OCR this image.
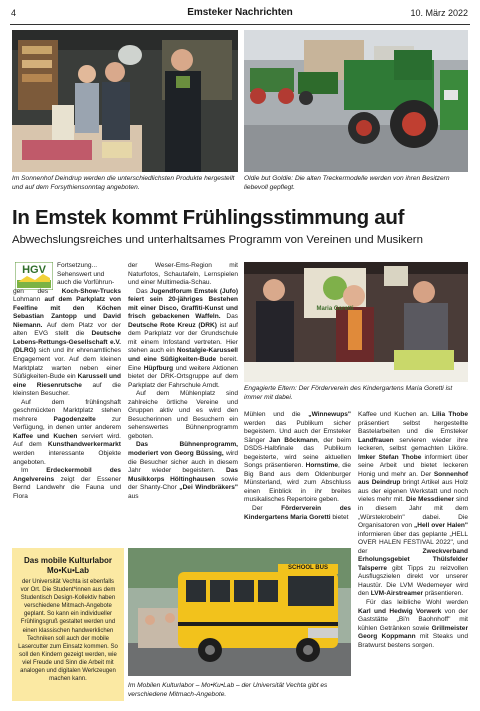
4	Emsteker Nachrichten	10. März 2022
Im Sonnenhof Deindrup werden die unterschiedlichsten Produkte hergestellt und auf dem Forsythiensonntag angeboten.
Oldie but Goldie: Die alten Treckermodelle werden von ihren Besitzern liebevoll gepflegt.
In Emstek kommt Frühlingsstimmung auf
Abwechslungsreiches und unterhaltsames Programm von Vereinen und Musikern
HGV	Fortsetzung...

Sehenswert und

auch die Vorführun-

gen des Koch-Show-Trucks Lohmann auf dem Parkplatz von Feelfine mit den Köchen Sebastian Zantopp und David Niemann. Auf dem Platz vor der alten EVG stellt die Deutsche Lebens-Rettungs-Gesellschaft e.V. (DLRG) sich und ihr ehrenamtliches Engagement vor. Auf dem kleinen Marktplatz warten neben einer Süßigkeiten-Bude ein Karussell und eine Riesenrutsche auf die kleinsten Besucher.

Auf dem frühlingshaft geschmückten Marktplatz stehen mehrere Pagodenzelte zur Verfügung, in denen unter anderem Kaffee und Kuchen serviert wird. Auf dem Kunsthandwerkermarkt werden interessante Objekte angeboten.

Im Erdeckermobil des Angelvereins zeigt der Essener Bernd Landwehr die Fauna und Flora

Das mobile Kulturlabor
Mo•Ku•Lab
der Universität Vechta ist ebenfalls vor Ort. Die Student*innen aus dem Studentisch Design-Kollektiv haben verschiedene Mitmach-Angebote geplant. So kann ein individueller Frühlingsgruß gestaltet werden und einen klassischen handwerklichen Techniken soll auch der mobile Lasercutter zum Einsatz kommen. So soll den Kindern gezeigt werden, wie viel Freude und Sinn die Arbeit mit analogen und digitalen Werkzeugen machen kann.

der Weser-Ems-Region mit Naturfotos, Schautafeln, Lernspielen und einer Multimedia-Schau.

Das Jugendforum Emstek (Jufo) feiert sein 20-jähriges Bestehen mit einer Disco, Graffiti-Kunst und frisch gebackenen Waffeln. Das Deutsche Rote Kreuz (DRK) ist auf dem Parkplatz vor der Grundschule mit einem Infostand vertreten. Hier stehen auch ein Nostalgie-Karussell und eine Süßigkeiten-Bude bereit. Eine Hüpfburg und weitere Aktionen bietet der DRK-Ortsgruppe auf dem Parkplatz der Fahrschule Arndt.

Auf dem Mühlenplatz sind zahlreiche örtliche Vereine und Gruppen aktiv und es wird den Besucherinnen und Besuchern ein sehenswertes Bühnenprogramm geboten.

Das Bühnenprogramm, moderiert von Georg Büssing, wird die Besucher sicher auch in diesem Jahr wieder begeistern. Das Musikkorps Höltinghausen sowie der Shanty-Chor „Dei Windbräkers" aus

Maria Goretti
Engagierte Eltern: Der Förderverein des Kindergartens Maria Goretti ist immer mit dabei.

Mühlen und die „Winnewups" werden das Publikum sicher begeistern. Und auch der Emsteker Sänger Jan Böckmann, der beim DSDS-Halbfinale das Publikum begeisterte, wird seine aktuellen Songs präsentieren. Hornstime, die Big Band aus dem Oldenburger Münsterland, wird zum Abschluss einen Einblick in ihr breites musikalisches Repertoire geben.

Der Förderverein des Kindergartens Maria Goretti bietet

Kaffee und Kuchen an. Lilia Thobe präsentiert selbst hergestellte Bastelarbeiten und die Emsteker Landfrauen servieren wieder ihre leckeren, selbst gemachten Liköre. Imker Stefan Thobe informiert über seine Arbeit und bietet leckeren Honig und mehr an. Der Sonnenhof aus Deindrup bringt Artikel aus Holz aus der eigenen Werkstatt und noch vieles mehr mit. Die Messdiener sind in diesem Jahr mit dem „Würstekrobeln" dabei. Die Organisatoren von „Hell over Halen" informieren über das geplante „HELL OVER HALEN FESTIVAL 2022", und der Zweckverband Erholungsgebiet Thülsfelder Talsperre gibt Tipps zu reizvollen Ausflugszielen direkt vor unserer Haustür. Die LVM Wedemeyer wird den LVM-Airstreamer präsentieren.

Für das leibliche Wohl werden Karl und Hedwig Vorwerk von der Gaststätte „Bi'n Baohnhoff" mit kühlen Getränken sowie Grillmeister Georg Koppmann mit Steaks und Bratwurst bestens sorgen.

SCHOOL BUS
Im Mobilen Kulturlabor – Mo•Ku•Lab – der Universität Vechta gibt es verschiedene Mitmach-Angebote.
